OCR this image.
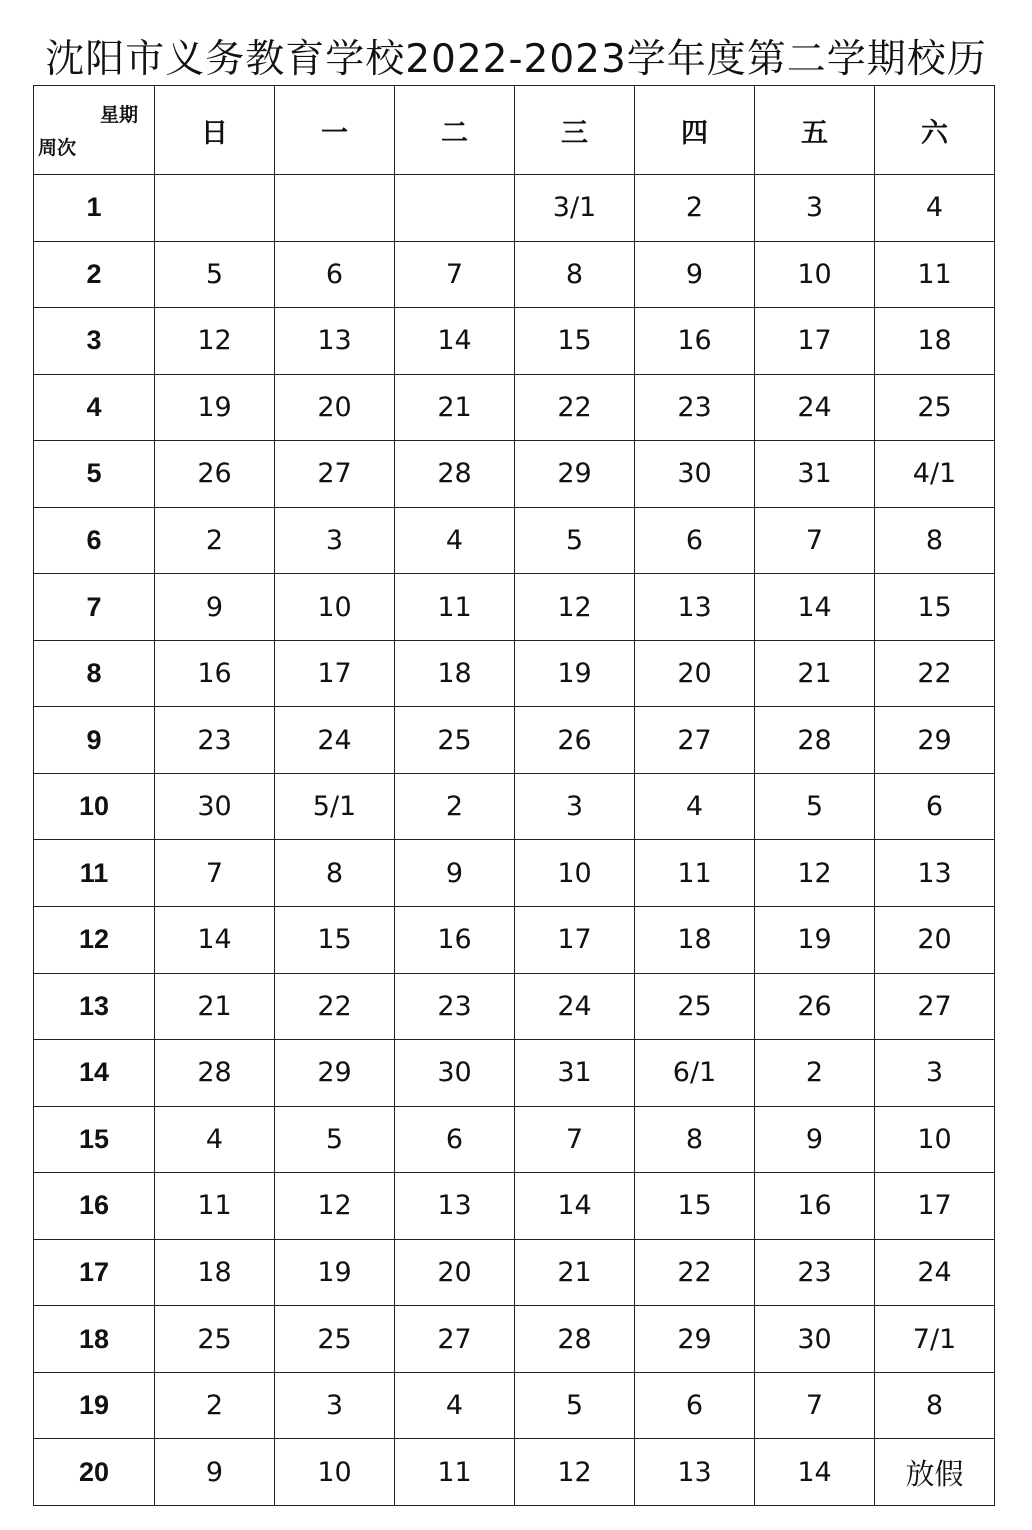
沈阳市义务教育学校2022-2023学年度第二学期校历
星期
周次	日	一	二	三	四	五	六
1				3/1	2	3	4
2	5	6	7	8	9	10	11
3	12	13	14	15	16	17	18
4	19	20	21	22	23	24	25
5	26	27	28	29	30	31	4/1
6	2	3	4	5	6	7	8
7	9	10	11	12	13	14	15
8	16	17	18	19	20	21	22
9	23	24	25	26	27	28	29
10	30	5/1	2	3	4	5	6
11	7	8	9	10	11	12	13
12	14	15	16	17	18	19	20
13	21	22	23	24	25	26	27
14	28	29	30	31	6/1	2	3
15	4	5	6	7	8	9	10
16	11	12	13	14	15	16	17
17	18	19	20	21	22	23	24
18	25	25	27	28	29	30	7/1
19	2	3	4	5	6	7	8
20	9	10	11	12	13	14	放假
